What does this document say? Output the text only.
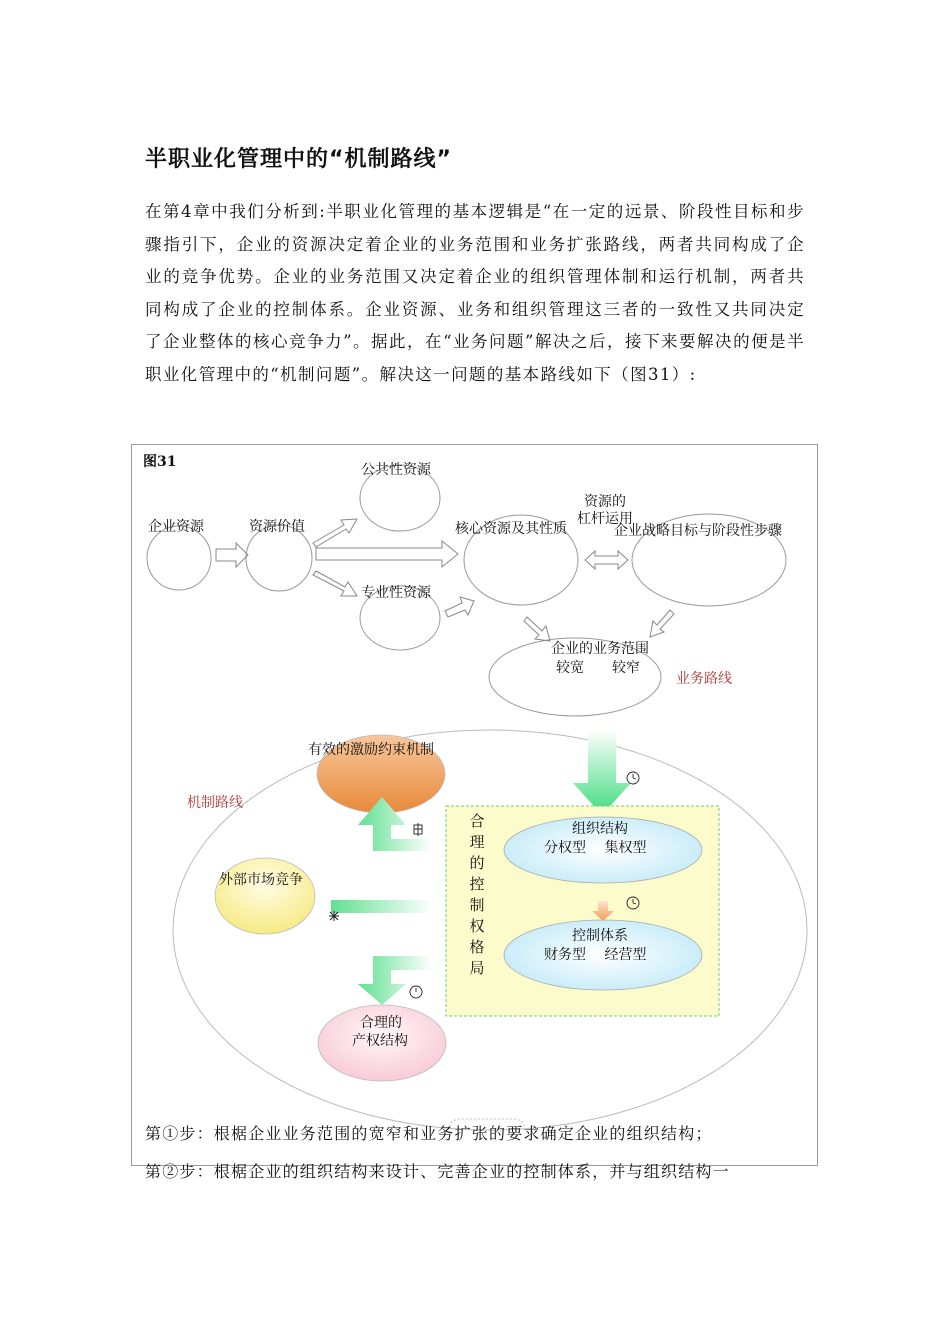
半职业化管理中的“机制路线”

在第4章中我们分析到:半职业化管理的基本逻辑是“在一定的远景、阶段性目标和步骤指引下，企业的资源决定着企业的业务范围和业务扩张路线，两者共同构成了企业的竞争优势。企业的业务范围又决定着企业的组织管理体制和运行机制，两者共同构成了企业的控制体系。企业资源、业务和组织管理这三者的一致性又共同决定了企业整体的核心竞争力”。据此，在“业务问题”解决之后，接下来要解决的便是半职业化管理中的“机制问题”。解决这一问题的基本路线如下（图31）:

图31
企业资源	资源价值
公共性资源
专业性资源
核心资源及其性质
资源的
杠杆运用
企业战略目标与阶段性步骤
企业的业务范围
较宽　　较窄
业务路线
有效的激励约束机制
机制路线
外部市场竞争
合理的控制权格局
组织结构
分权型　 集权型
控制体系
财务型　 经营型
合理的
产权结构
第①步：根椐企业业务范围的宽窄和业务扩张的要求确定企业的组织结构；
第②步：根椐企业的组织结构来设计、完善企业的控制体系，并与组织结构一
